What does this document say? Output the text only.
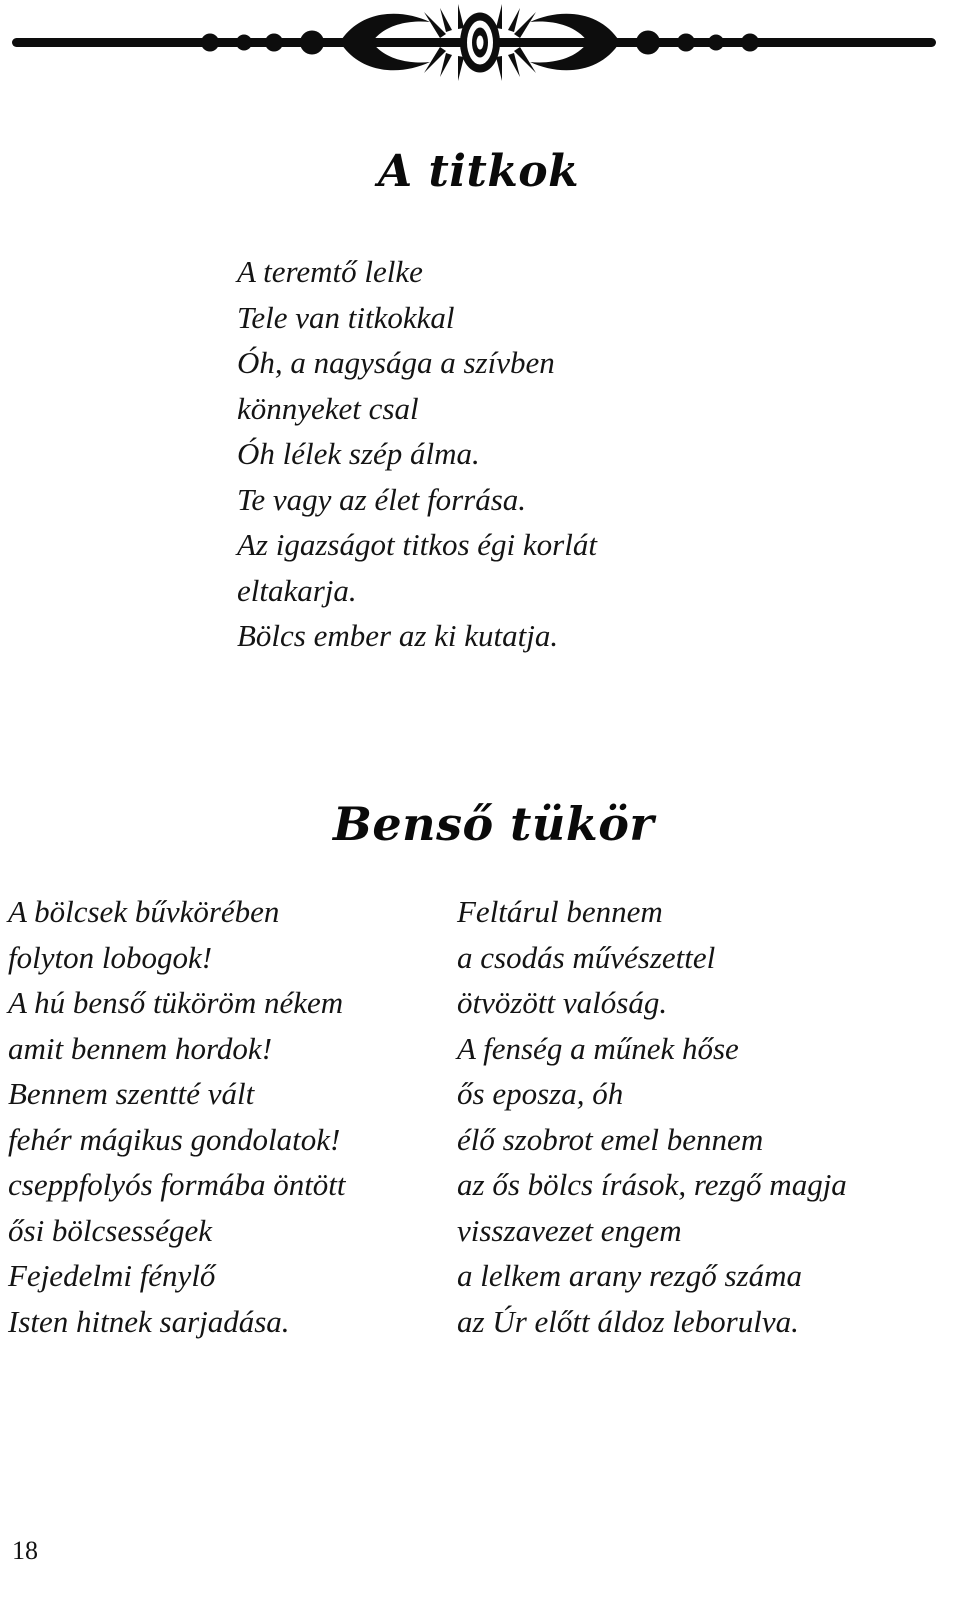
A titkok
A teremtő lelke
Tele van titkokkal
Óh, a nagysága a szívben
könnyeket csal
Óh lélek szép álma.
Te vagy az élet forrása.
Az igazságot titkos égi korlát
eltakarja.
Bölcs ember az ki kutatja.
Benső tükör
A bölcsek bűvkörében
folyton lobogok!
A hú benső tüköröm nékem
amit bennem hordok!
Bennem szentté vált
fehér mágikus gondolatok!
cseppfolyós formába öntött
ősi bölcsességek
Fejedelmi fénylő
Isten hitnek sarjadása.
Feltárul bennem
a csodás művészettel
ötvözött valóság.
A fenség a műnek hőse
ős eposza, óh
élő szobrot emel bennem
az ős bölcs írások, rezgő magja
visszavezet engem
a lelkem arany rezgő száma
az Úr előtt áldoz leborulva.
18
